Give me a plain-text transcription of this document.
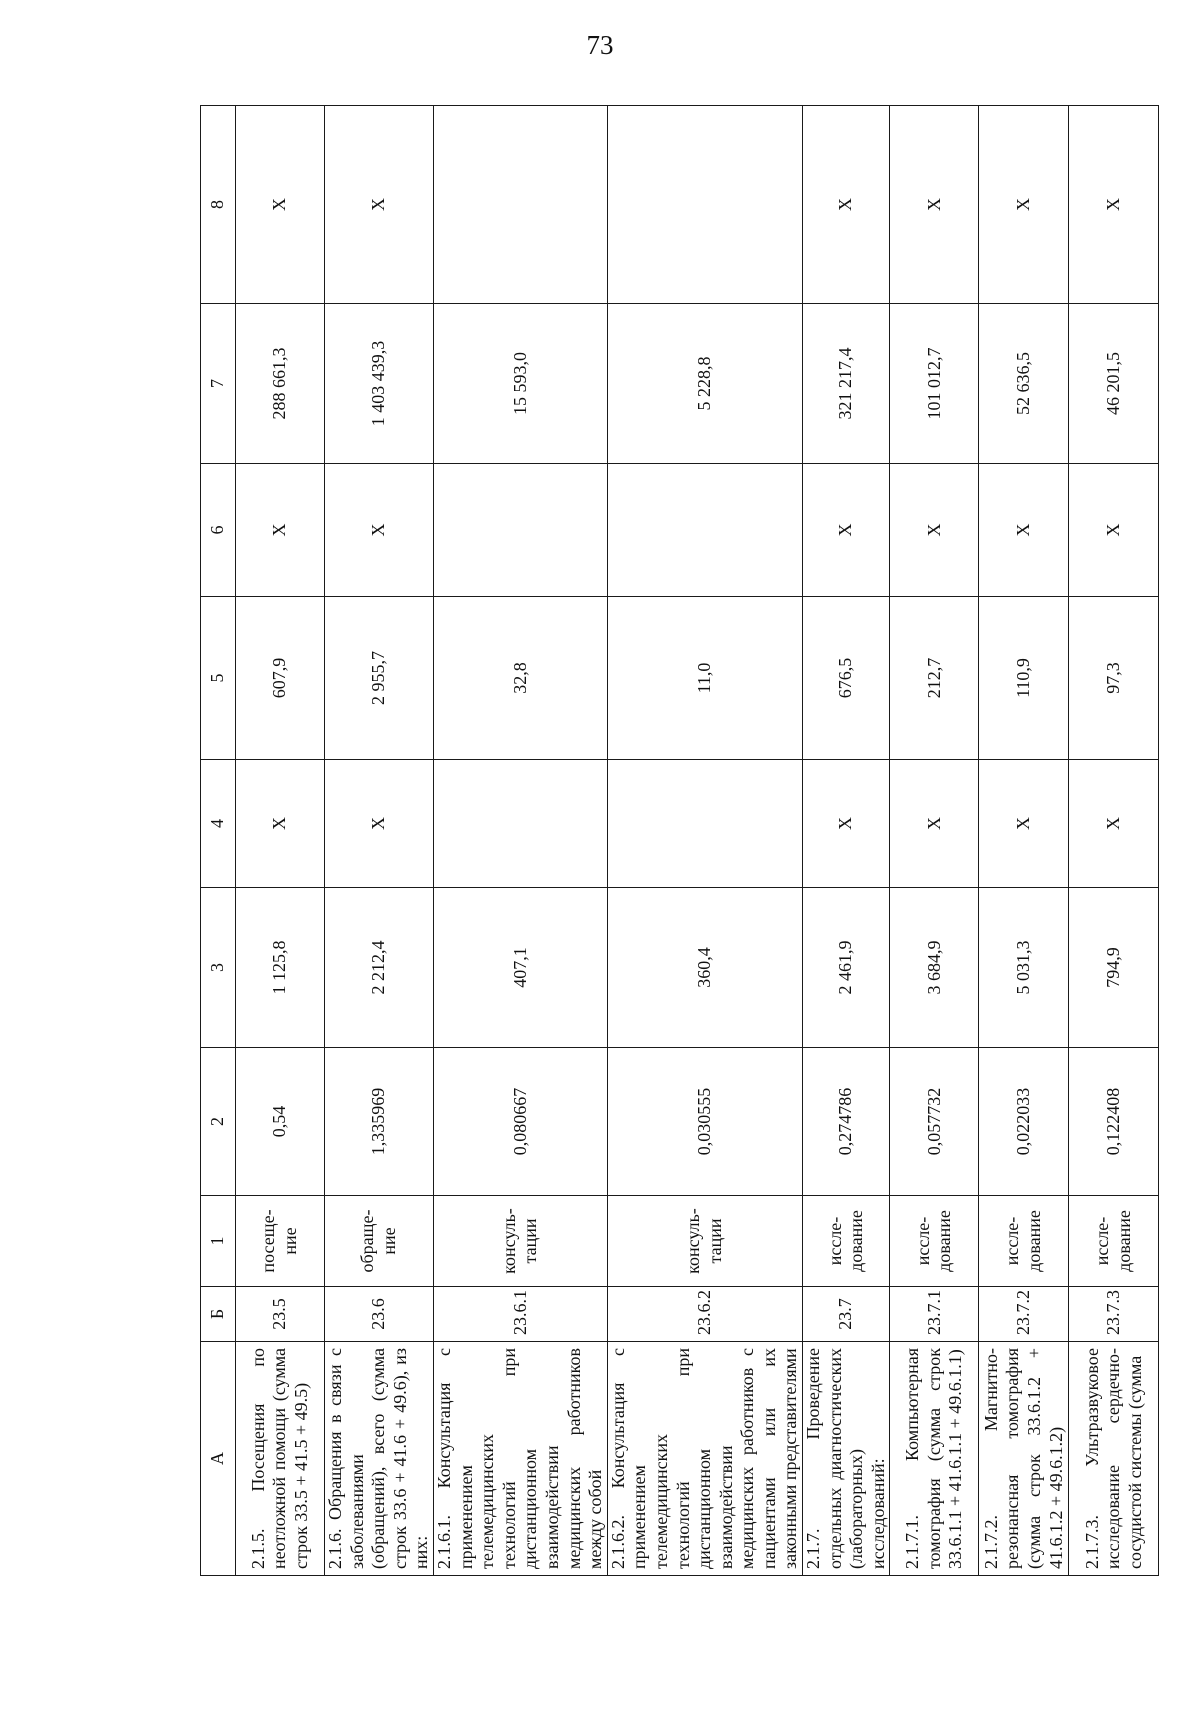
73
А	Б	1	2	3	4	5	6	7	8
2.1.5. Посещения по неотложной помощи (сумма строк 33.5 + 41.5 + 49.5)	23.5	посеще-ние	0,54	1 125,8	Х	607,9	Х	288 661,3	Х
2.1.6. Обращения в связи с заболеваниями (обращений), всего (сумма строк 33.6 + 41.6 + 49.6), из них:	23.6	обраще-ние	1,335969	2 212,4	Х	2 955,7	Х	1 403 439,3	Х
2.1.6.1. Консультация с применением телемедицинских технологий при дистанционном взаимодействии медицинских работников между собой	23.6.1	консуль-тации	0,080667	407,1		32,8		15 593,0	
2.1.6.2. Консультация с применением телемедицинских технологий при дистанционном взаимодействии медицинских работников с пациентами или их законными представителями	23.6.2	консуль-тации	0,030555	360,4		11,0		5 228,8	
2.1.7. Проведение отдельных диагностических (лабораторных) исследований:	23.7	иссле-дование	0,274786	2 461,9	Х	676,5	Х	321 217,4	Х
2.1.7.1. Компьютерная томография (сумма строк 33.6.1.1 + 41.6.1.1 + 49.6.1.1)	23.7.1	иссле-дование	0,057732	3 684,9	Х	212,7	Х	101 012,7	Х
2.1.7.2. Магнитно-резонансная томография (сумма строк 33.6.1.2 + 41.6.1.2 + 49.6.1.2)	23.7.2	иссле-дование	0,022033	5 031,3	Х	110,9	Х	52 636,5	Х
2.1.7.3. Ультразвуковое исследование сердечно-сосудистой системы (сумма	23.7.3	иссле-дование	0,122408	794,9	Х	97,3	Х	46 201,5	Х
